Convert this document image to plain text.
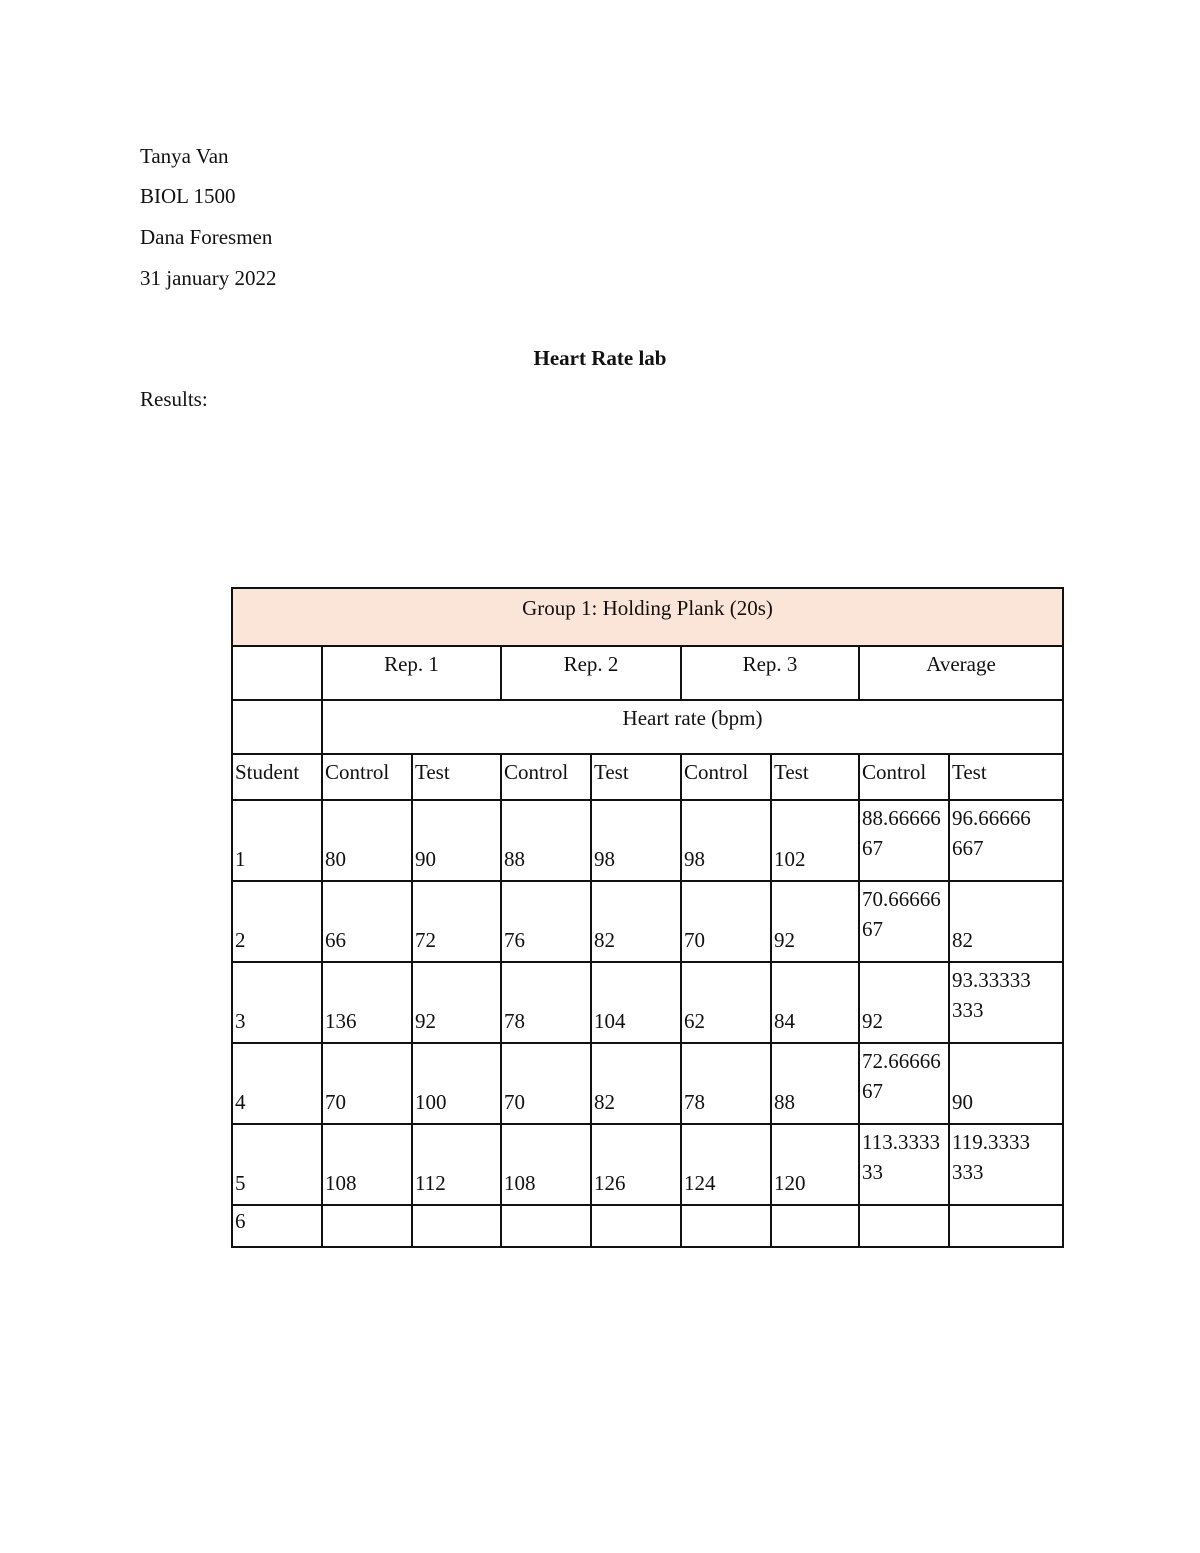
Tanya Van
BIOL 1500
Dana Foresmen
31 january 2022
Heart Rate lab
Results:
Group 1: Holding Plank (20s)								
	Rep. 1		Rep. 2		Rep. 3		Average	
	Heart rate (bpm)							
Student	Control	Test	Control	Test	Control	Test	Control	Test
1	80	90	88	98	98	102	88.6666667	96.66666667

2	66	72	76	82	70	92	70.6666667	82
3	136	92	78	104	62	84	92	93.33333333

4	70	100	70	82	78	88	72.6666667	90
5	108	112	108	126	124	120	113.333333	119.3333333

6								
